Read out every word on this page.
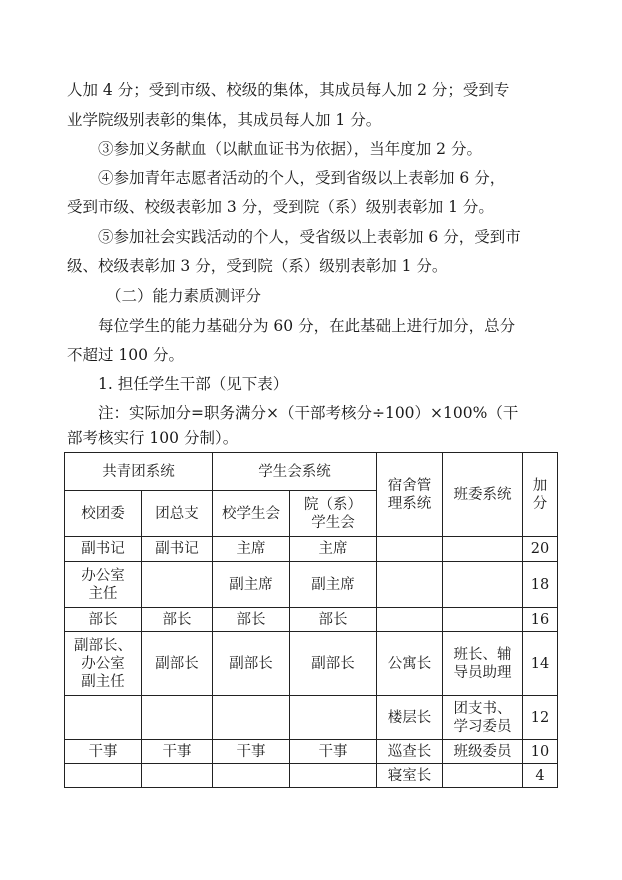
人加 4 分；受到市级、校级的集体，其成员每人加 2 分；受到专
业学院级别表彰的集体，其成员每人加 1 分。
③参加义务献血（以献血证书为依据），当年度加 2 分。
④参加青年志愿者活动的个人，受到省级以上表彰加 6 分，
受到市级、校级表彰加 3 分，受到院（系）级别表彰加 1 分。
⑤参加社会实践活动的个人，受省级以上表彰加 6 分，受到市
级、校级表彰加 3 分，受到院（系）级别表彰加 1 分。
（二）能力素质测评分
每位学生的能力基础分为 60 分，在此基础上进行加分，总分
不超过 100 分。
1. 担任学生干部（见下表）
注：实际加分=职务满分×（干部考核分÷100）×100%（干
部考核实行 100 分制）。
共青团系统		学生会系统		宿舍管
理系统	班委系统	加
分

校团委	团总支	校学生会	院（系）
学生会			

副书记	副书记	主席	主席			20

办公室
主任		副主席	副主席			18

部长	部长	部长	部长			16

副部长、
办公室
副主任	副部长	副部长	副部长	公寓长	班长、辅
导员助理	14

				楼层长	团支书、
学习委员	12

干事	干事	干事	干事	巡查长	班级委员	10

				寝室长		4
